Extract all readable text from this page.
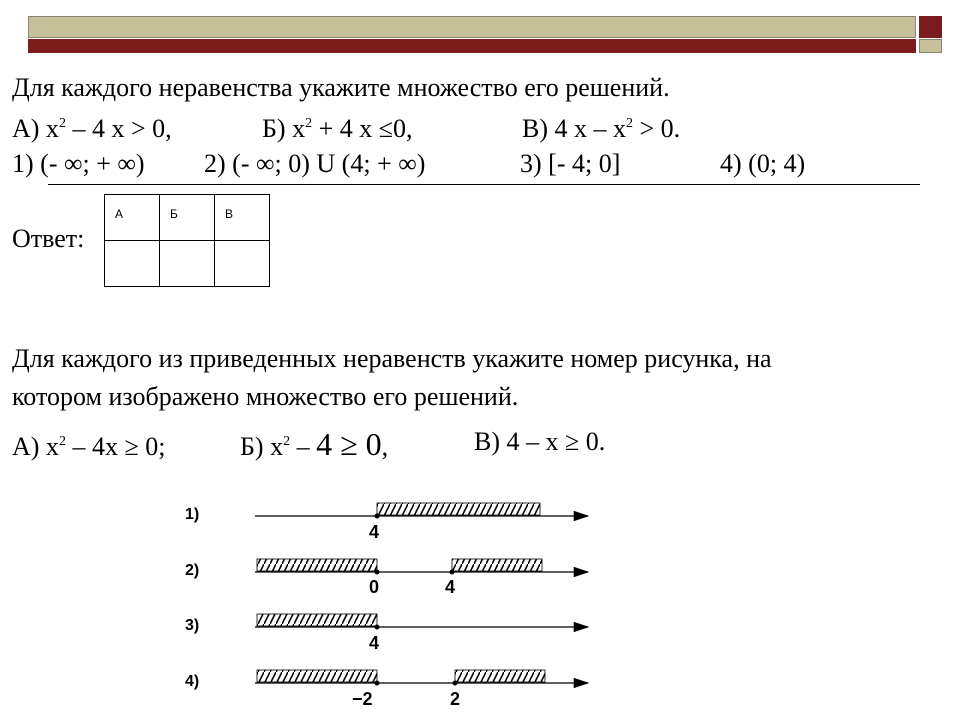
Для каждого неравенства укажите множество его решений.
А) $х^2 - 4$ х > 0,	Б) $х^2 + 4$ х ≤0,	В) 4 $х - х^2 > 0$.
1) (- ∞; + ∞) 2) (- ∞; 0) U (4; + ∞)	3) [- 4; 0]	4) (0; 4)
Ответ:
А	Б	В

Для каждого из приведенных неравенств укажите номер рисунка, на
котором изображено множество его решений.
А) $х^2 - 4х \ge 0$;	Б) $х^2 - 4 \ge 0$,	В) 4 – х ≥ 0.
1)
2)
3)
4)
4
0	4
4
−2	2
